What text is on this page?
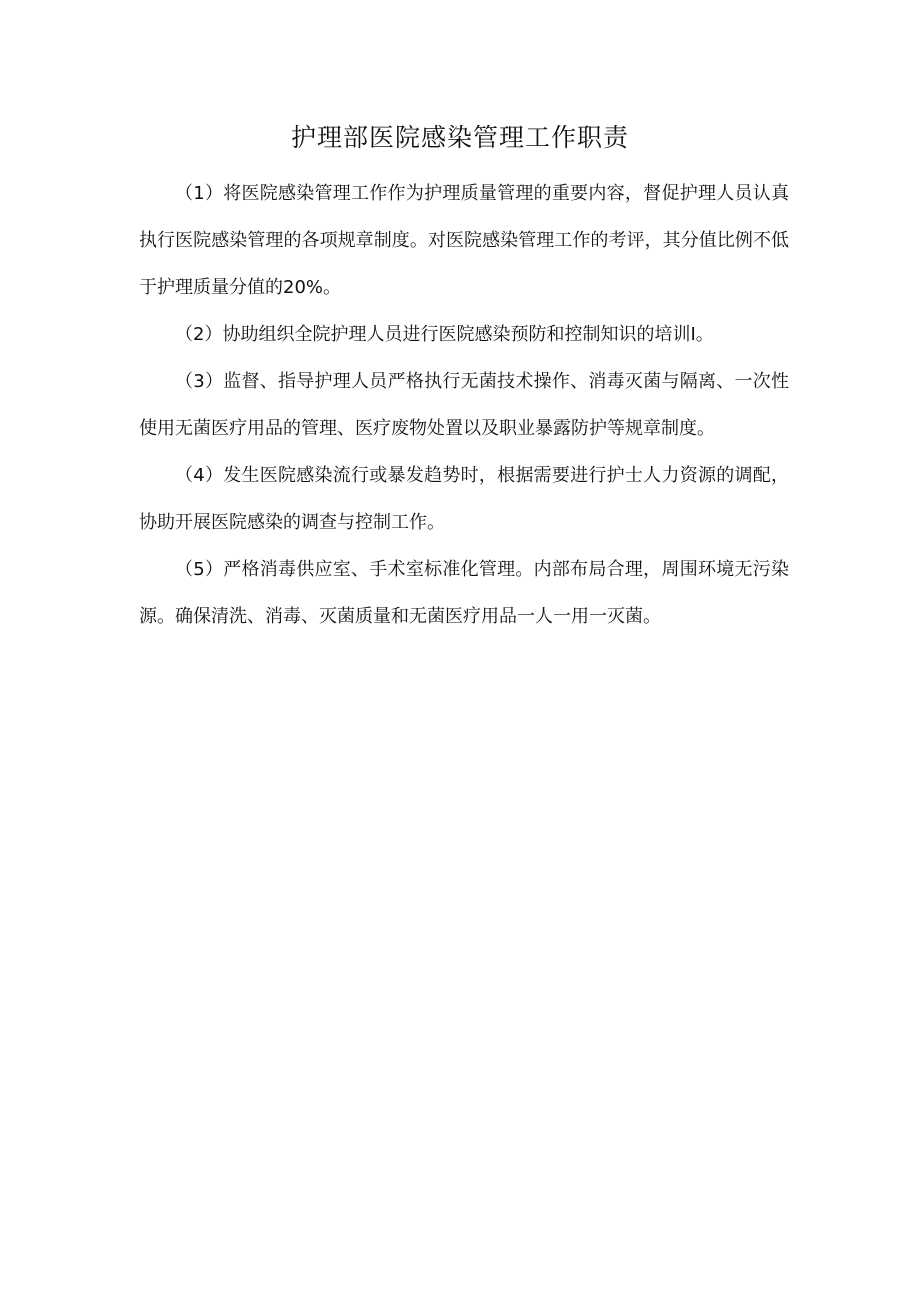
护理部医院感染管理工作职责

（1）将医院感染管理工作作为护理质量管理的重要内容，督促护理人员认真执行医院感染管理的各项规章制度。对医院感染管理工作的考评，其分值比例不低于护理质量分值的20%。

（2）协助组织全院护理人员进行医院感染预防和控制知识的培训I。

（3）监督、指导护理人员严格执行无菌技术操作、消毒灭菌与隔离、一次性使用无菌医疗用品的管理、医疗废物处置以及职业暴露防护等规章制度。

（4）发生医院感染流行或暴发趋势时，根据需要进行护士人力资源的调配，协助开展医院感染的调查与控制工作。

（5）严格消毒供应室、手术室标准化管理。内部布局合理，周围环境无污染源。确保清洗、消毒、灭菌质量和无菌医疗用品一人一用一灭菌。
